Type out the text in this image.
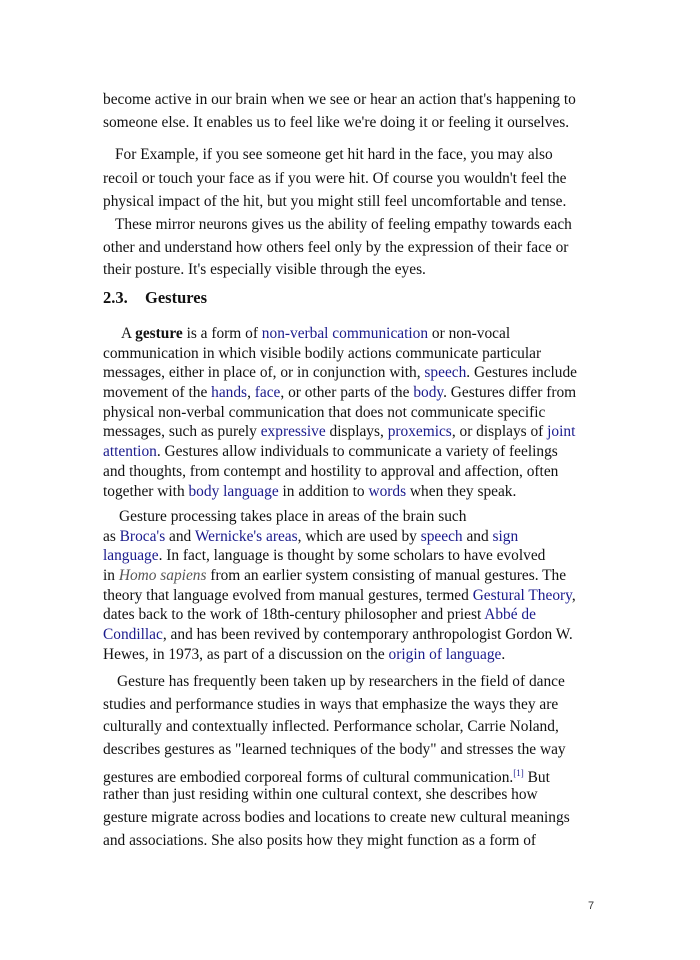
become active in our brain when we see or hear an action that's happening to
someone else. It enables us to feel like we're doing it or feeling it ourselves.
For Example, if you see someone get hit hard in the face, you may also
recoil or touch your face as if you were hit. Of course you wouldn't feel the
physical impact of the hit, but you might still feel uncomfortable and tense.
These mirror neurons gives us the ability of feeling empathy towards each
other and understand how others feel only by the expression of their face or
their posture. It's especially visible through the eyes.
2.3. Gestures
A gesture is a form of non-verbal communication or non-vocal
communication in which visible bodily actions communicate particular
messages, either in place of, or in conjunction with, speech. Gestures include
movement of the hands, face, or other parts of the body. Gestures differ from
physical non-verbal communication that does not communicate specific
messages, such as purely expressive displays, proxemics, or displays of joint
attention. Gestures allow individuals to communicate a variety of feelings
and thoughts, from contempt and hostility to approval and affection, often
together with body language in addition to words when they speak.
Gesture processing takes place in areas of the brain such
as Broca's and Wernicke's areas, which are used by speech and sign
language. In fact, language is thought by some scholars to have evolved
in Homo sapiens from an earlier system consisting of manual gestures. The
theory that language evolved from manual gestures, termed Gestural Theory,
dates back to the work of 18th-century philosopher and priest Abbé de
Condillac, and has been revived by contemporary anthropologist Gordon W.
Hewes, in 1973, as part of a discussion on the origin of language.
Gesture has frequently been taken up by researchers in the field of dance
studies and performance studies in ways that emphasize the ways they are
culturally and contextually inflected. Performance scholar, Carrie Noland,
describes gestures as "learned techniques of the body" and stresses the way
gestures are embodied corporeal forms of cultural communication.[1] But
rather than just residing within one cultural context, she describes how
gesture migrate across bodies and locations to create new cultural meanings
and associations. She also posits how they might function as a form of
7
